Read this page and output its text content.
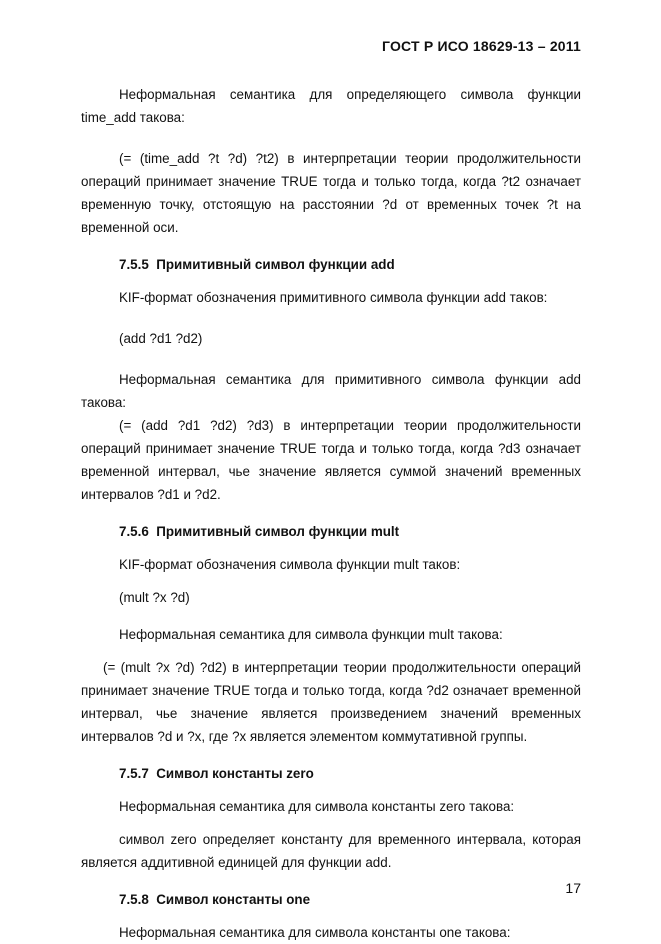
ГОСТ Р ИСО 18629-13 – 2011

Неформальная семантика для определяющего символа функции time_add такова:

(= (time_add ?t ?d) ?t2) в интерпретации теории продолжительности операций принимает значение TRUE тогда и только тогда, когда ?t2 означает временную точку, отстоящую на расстоянии ?d от временных точек ?t на временной оси.

7.5.5 Примитивный символ функции add

KIF-формат обозначения примитивного символа функции add таков:

(add ?d1 ?d2)

Неформальная семантика для примитивного символа функции add такова:

(= (add ?d1 ?d2) ?d3) в интерпретации теории продолжительности операций принимает значение TRUE тогда и только тогда, когда ?d3 означает временной интервал, чье значение является суммой значений временных интервалов ?d1 и ?d2.

7.5.6 Примитивный символ функции mult

KIF-формат обозначения символа функции mult таков:

(mult ?x ?d)

Неформальная семантика для символа функции mult такова:

(= (mult ?x ?d) ?d2) в интерпретации теории продолжительности операций принимает значение TRUE тогда и только тогда, когда ?d2 означает временной интервал, чье значение является произведением значений временных интервалов ?d и ?x, где ?x является элементом коммутативной группы.

7.5.7 Символ константы zero

Неформальная семантика для символа константы zero такова:

символ zero определяет константу для временного интервала, которая является аддитивной единицей для функции add.

7.5.8 Символ константы one

Неформальная семантика для символа константы one такова:

17
